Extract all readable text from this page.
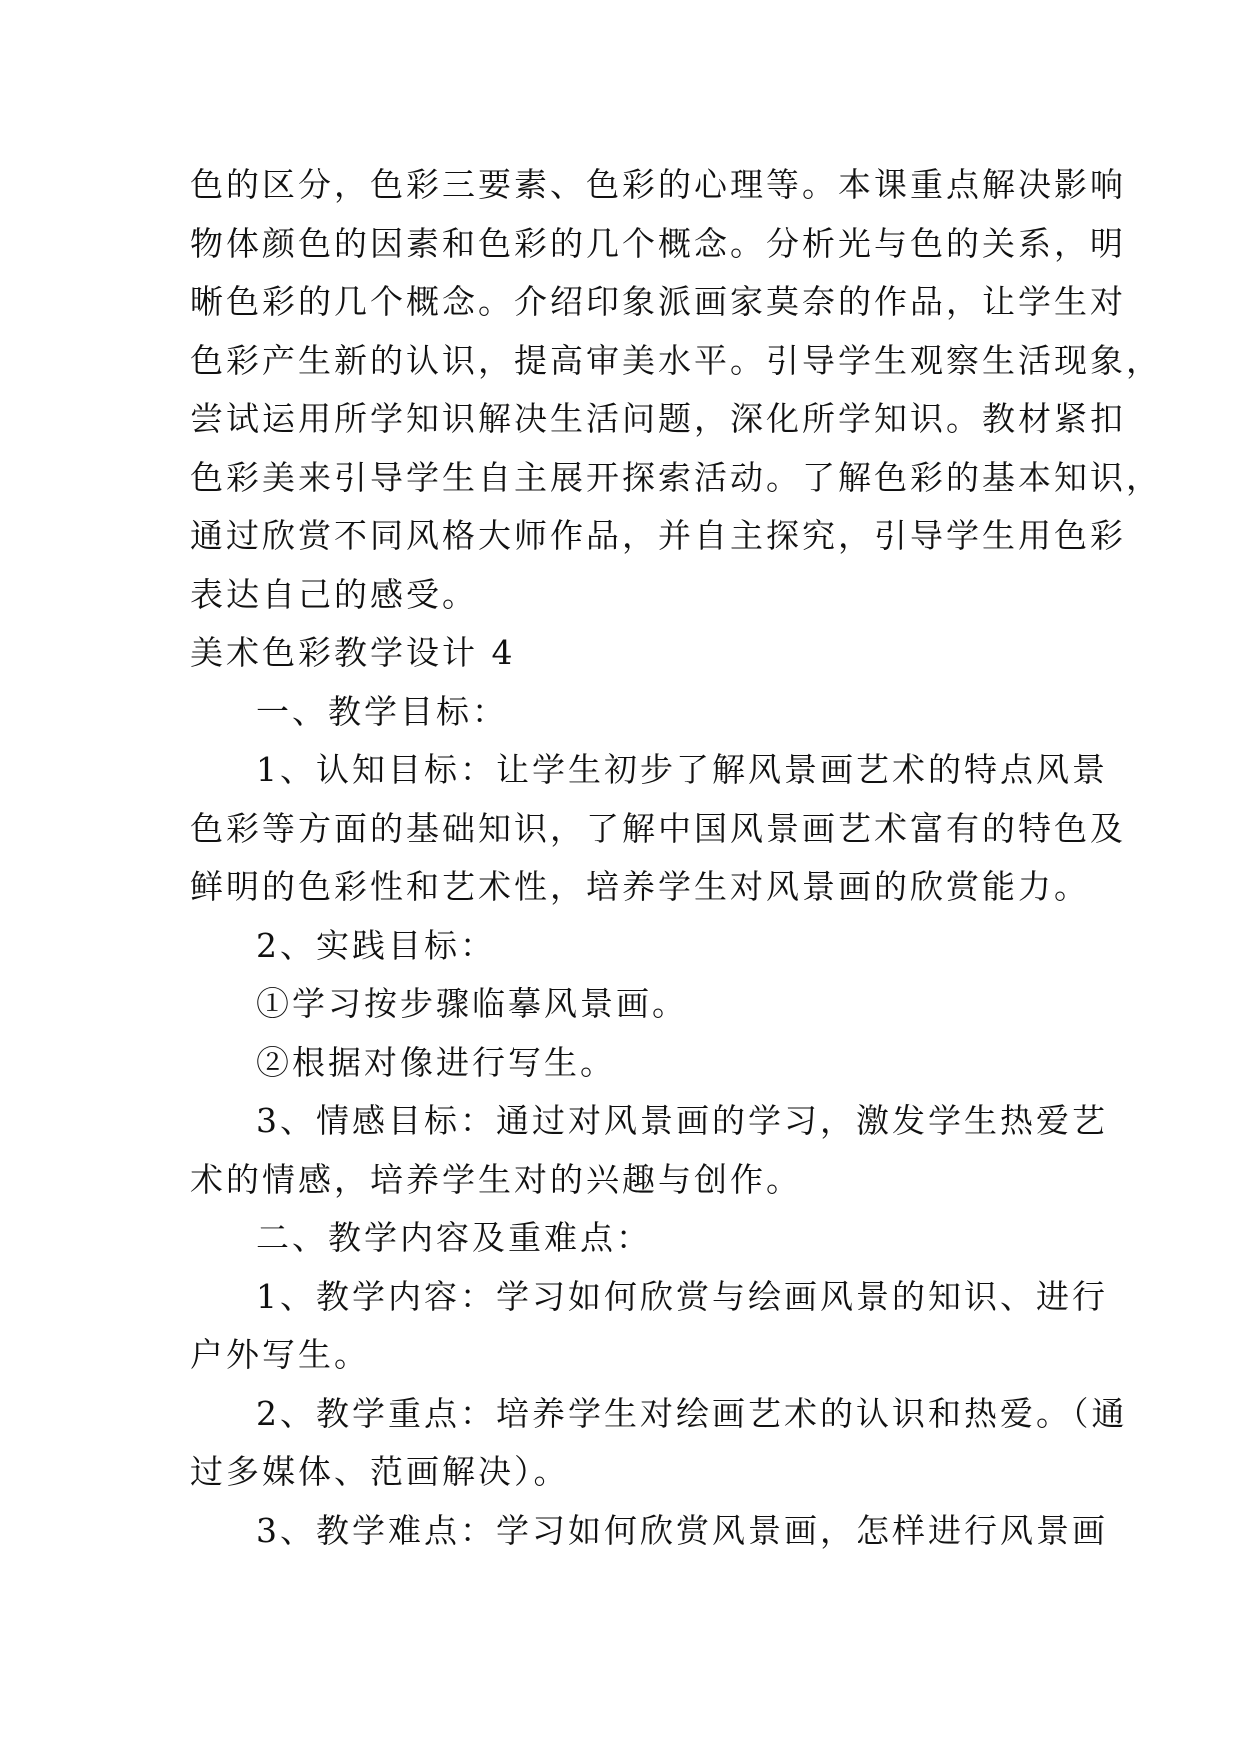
色的区分，色彩三要素、色彩的心理等。本课重点解决影响
物体颜色的因素和色彩的几个概念。分析光与色的关系，明
晰色彩的几个概念。介绍印象派画家莫奈的作品，让学生对
色彩产生新的认识，提高审美水平。引导学生观察生活现象，
尝试运用所学知识解决生活问题，深化所学知识。教材紧扣
色彩美来引导学生自主展开探索活动。了解色彩的基本知识，
通过欣赏不同风格大师作品，并自主探究，引导学生用色彩
表达自己的感受。
美术色彩教学设计 4
一、教学目标：
1、认知目标：让学生初步了解风景画艺术的特点风景
色彩等方面的基础知识，了解中国风景画艺术富有的特色及
鲜明的色彩性和艺术性，培养学生对风景画的欣赏能力。
2、实践目标：
①学习按步骤临摹风景画。
②根据对像进行写生。
3、情感目标：通过对风景画的学习，激发学生热爱艺
术的情感，培养学生对的兴趣与创作。
二、教学内容及重难点：
1、教学内容：学习如何欣赏与绘画风景的知识、进行
户外写生。
2、教学重点：培养学生对绘画艺术的认识和热爱。（通
过多媒体、范画解决）。
3、教学难点：学习如何欣赏风景画，怎样进行风景画
